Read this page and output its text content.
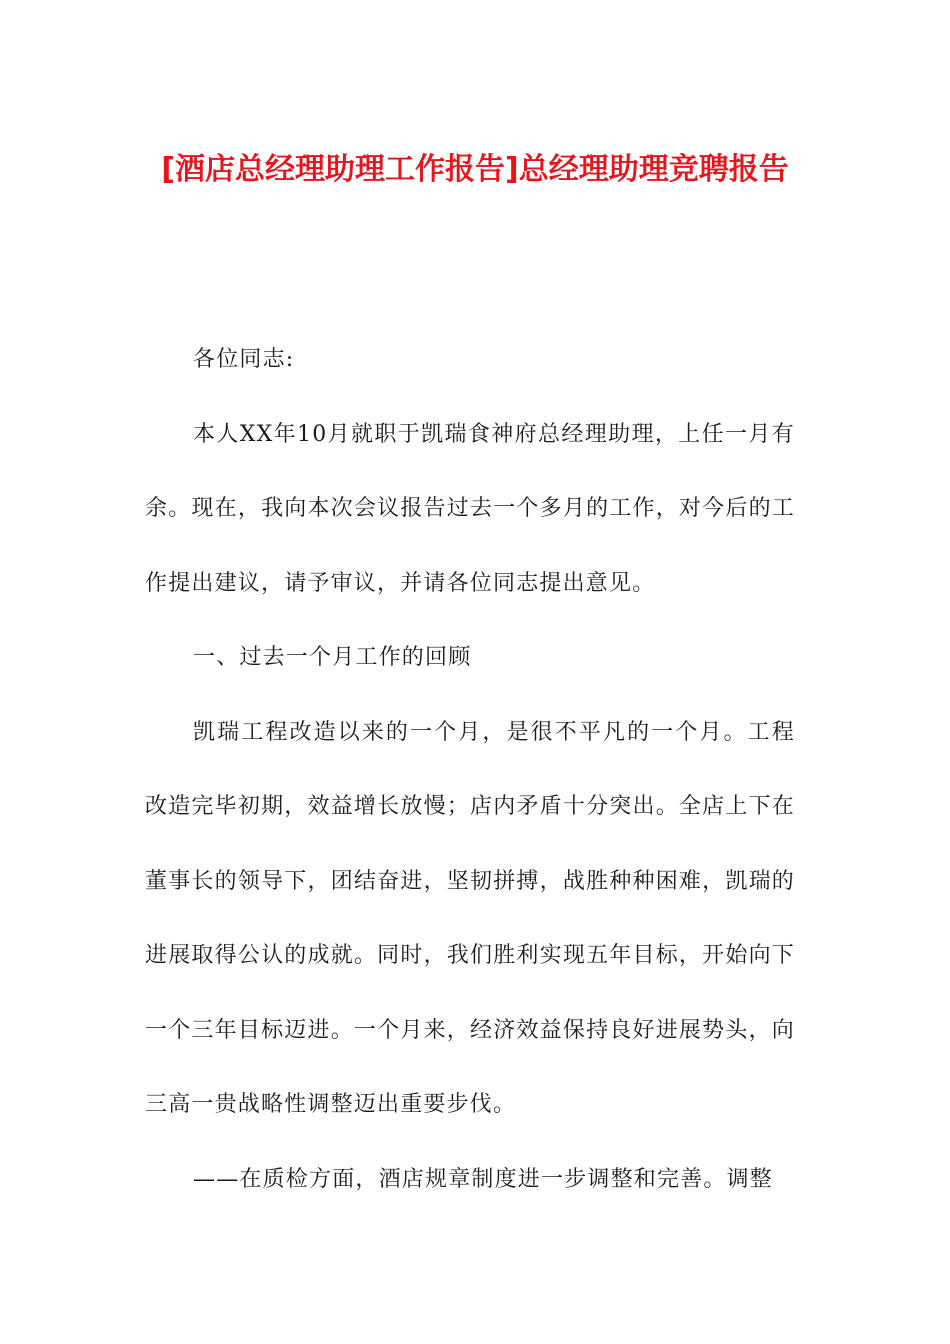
[酒店总经理助理工作报告]总经理助理竞聘报告

各位同志:

本人XX年10月就职于凯瑞食神府总经理助理，上任一月有余。现在，我向本次会议报告过去一个多月的工作，对今后的工作提出建议，请予审议，并请各位同志提出意见。

一、过去一个月工作的回顾

凯瑞工程改造以来的一个月，是很不平凡的一个月。工程改造完毕初期，效益增长放慢；店内矛盾十分突出。全店上下在董事长的领导下，团结奋进，坚韧拼搏，战胜种种困难，凯瑞的进展取得公认的成就。同时，我们胜利实现五年目标，开始向下一个三年目标迈进。一个月来，经济效益保持良好进展势头，向三高一贵战略性调整迈出重要步伐。

——在质检方面，酒店规章制度进一步调整和完善。调整
